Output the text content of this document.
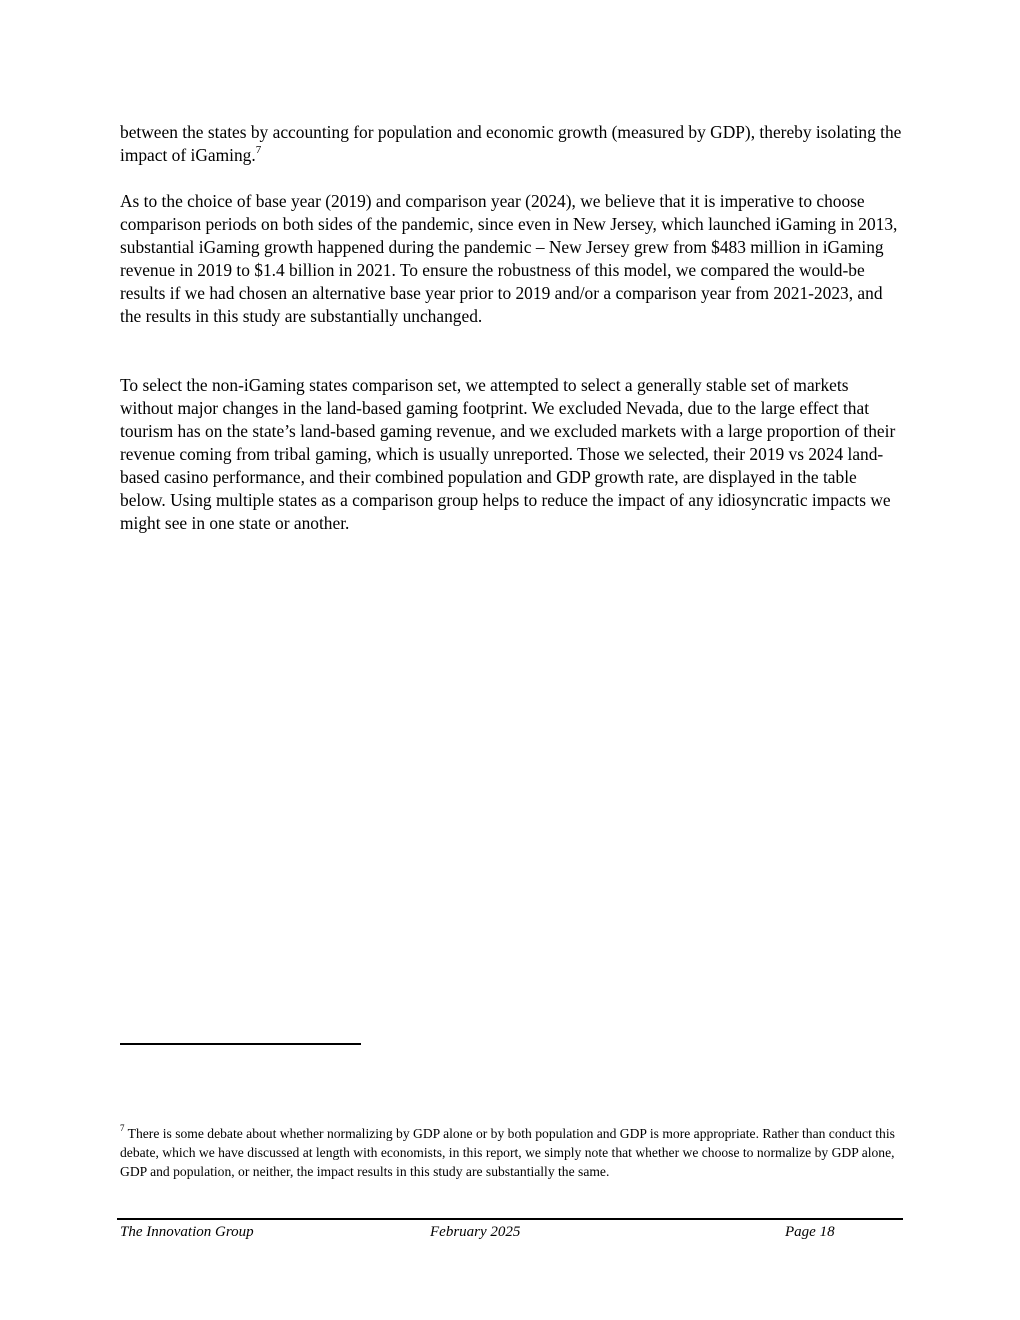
between the states by accounting for population and economic growth (measured by GDP), thereby isolating the impact of iGaming.$^7$

As to the choice of base year (2019) and comparison year (2024), we believe that it is imperative to choose comparison periods on both sides of the pandemic, since even in New Jersey, which launched iGaming in 2013, substantial iGaming growth happened during the pandemic – New Jersey grew from $483 million in iGaming revenue in 2019 to $1.4 billion in 2021. To ensure the robustness of this model, we compared the would-be results if we had chosen an alternative base year prior to 2019 and/or a comparison year from 2021-2023, and the results in this study are substantially unchanged.

To select the non-iGaming states comparison set, we attempted to select a generally stable set of markets without major changes in the land-based gaming footprint. We excluded Nevada, due to the large effect that tourism has on the state’s land-based gaming revenue, and we excluded markets with a large proportion of their revenue coming from tribal gaming, which is usually unreported. Those we selected, their 2019 vs 2024 land-based casino performance, and their combined population and GDP growth rate, are displayed in the table below. Using multiple states as a comparison group helps to reduce the impact of any idiosyncratic impacts we might see in one state or another.

$^7$ There is some debate about whether normalizing by GDP alone or by both population and GDP is more appropriate. Rather than conduct this debate, which we have discussed at length with economists, in this report, we simply note that whether we choose to normalize by GDP alone, GDP and population, or neither, the impact results in this study are substantially the same.

The Innovation Group	February 2025	Page 18
